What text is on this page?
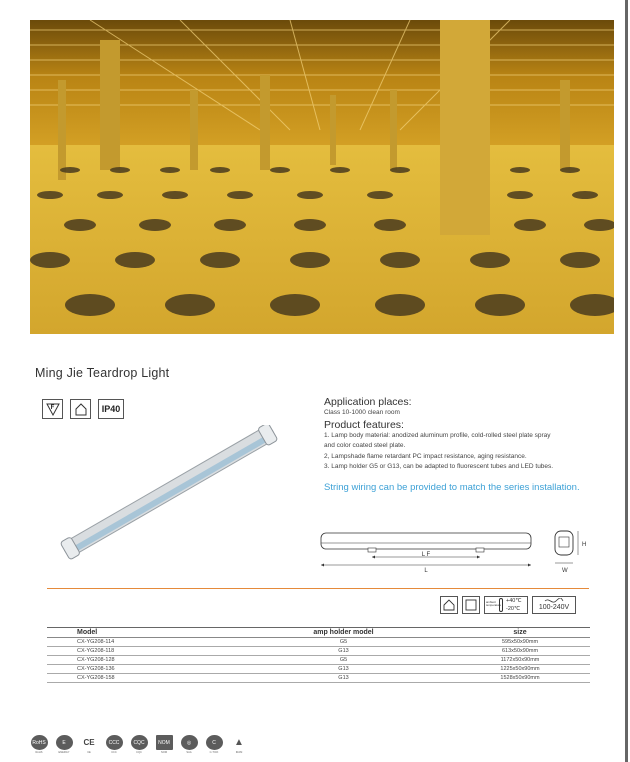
Ming Jie Teardrop Light
F	IP40
Application places:
Class 10-1000 clean room
Product features:
1. Lamp body material: anodized aluminum profile, cold-rolled steel plate spray
and color coated steel plate.
2, Lampshade flame retardant PC impact resistance, aging resistance.
3. Lamp holder G5 or G13, can be adapted to fluorescent tubes and LED tubes.
String wiring can be provided to match the series installation.
L F
L
H
W
ambient temperature
+40℃
-20℃	100-240V
Model	amp holder model	size
CX-YG208-114	G5	595x50x90mm
CX-YG208-118	G13	613x50x90mm
CX-YG208-128	G5	1172x50x90mm
CX-YG208-136	G13	1225x50x90mm
CX-YG208-158	G13	1528x50x90mm
RoHS
RoHS
E
ENERGY
CE
CE
CCC
CCC
CQC
CQC
NOM
NOM
◎
SAA
C
C-TICK
▲
IRAM
